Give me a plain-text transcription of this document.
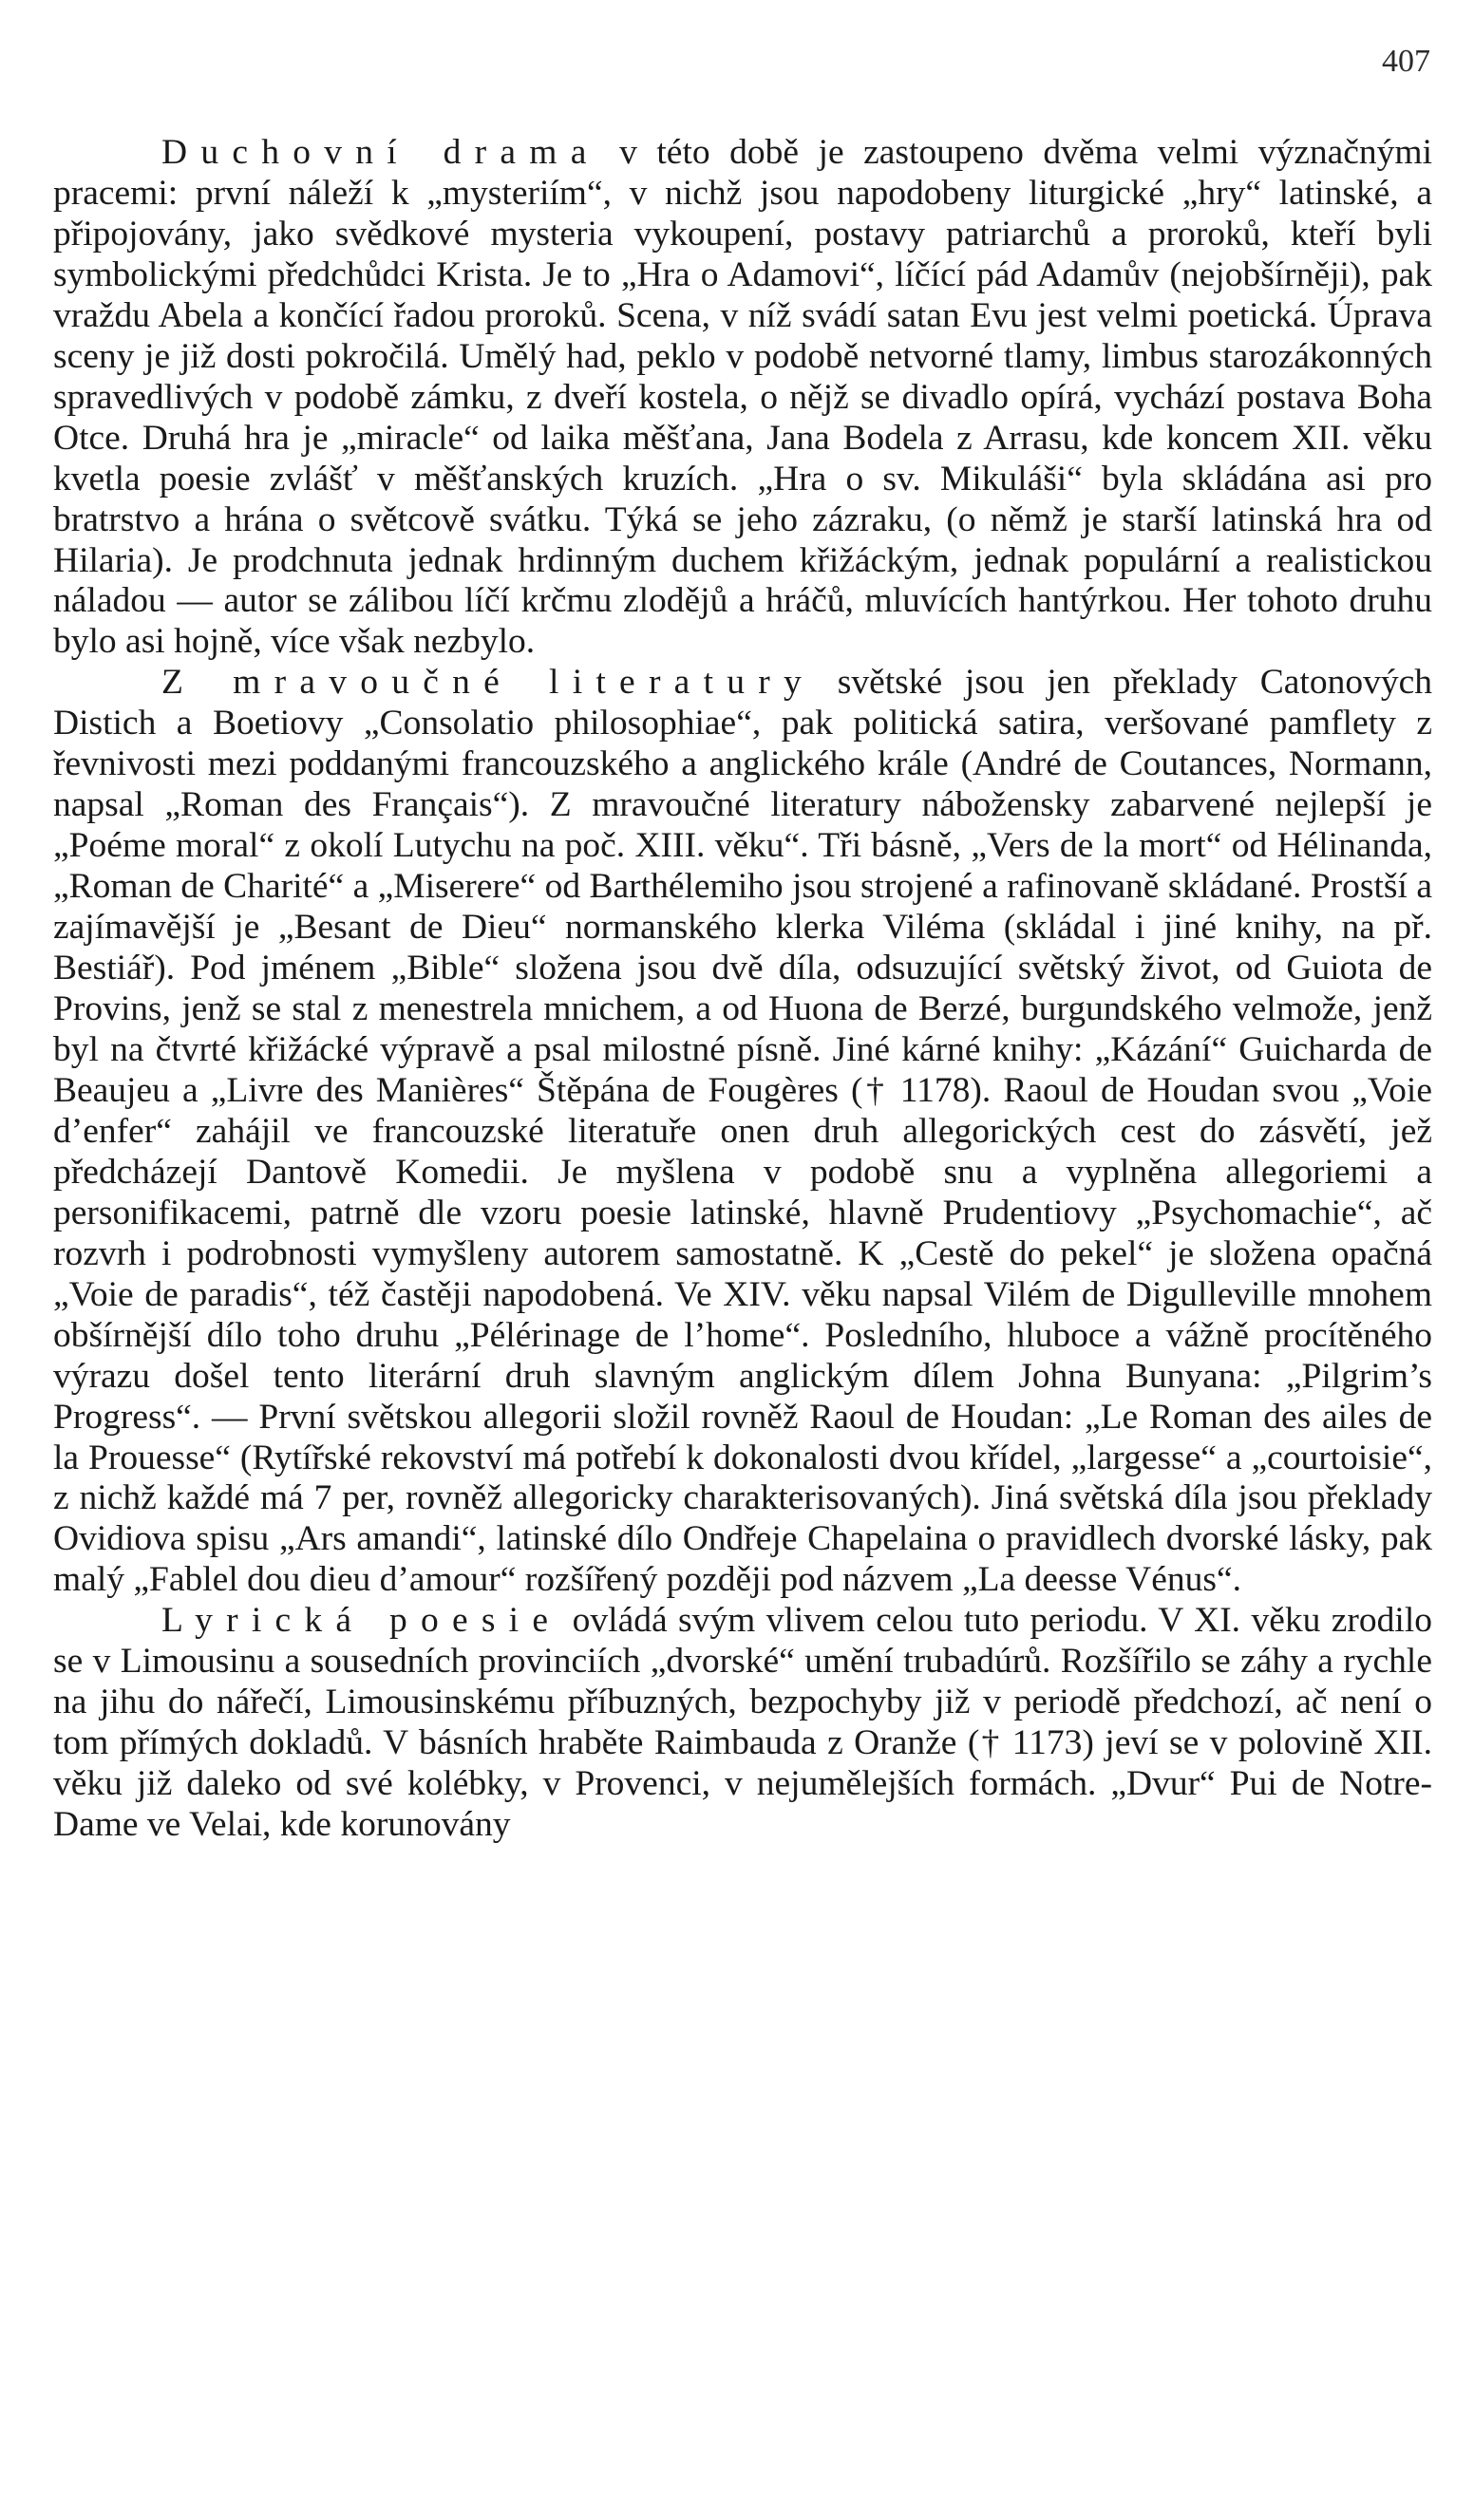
407

Duchovní drama v této době je zastoupeno dvěma velmi význačnými pracemi: první náleží k „mysteriím“, v nichž jsou napodobeny liturgické „hry“ latinské, a připojovány, jako svědkové mysteria vykoupení, postavy patriarchů a proroků, kteří byli symbolickými předchůdci Krista. Je to „Hra o Adamovi“, líčící pád Adamův (nejobšírněji), pak vraždu Abela a končící řadou proroků. Scena, v níž svádí satan Evu jest velmi poetická. Úprava sceny je již dosti pokročilá. Umělý had, peklo v podobě netvorné tlamy, limbus starozákonných spravedlivých v podobě zámku, z dveří kostela, o nějž se divadlo opírá, vychází postava Boha Otce. Druhá hra je „miracle“ od laika měšťana, Jana Bodela z Arrasu, kde koncem XII. věku kvetla poesie zvlášť v měšťanských kruzích. „Hra o sv. Mikuláši“ byla skládána asi pro bratrstvo a hrána o světcově svátku. Týká se jeho zázraku, (o němž je starší latinská hra od Hilaria). Je prodchnuta jednak hrdinným duchem křižáckým, jednak populární a realistickou náladou — autor se zálibou líčí krčmu zlodějů a hráčů, mluvících hantýrkou. Her tohoto druhu bylo asi hojně, více však nezbylo.

Z mravoučné literatury světské jsou jen překlady Catonových Distich a Boetiovy „Consolatio philosophiae“, pak politická satira, veršované pamflety z řevnivosti mezi poddanými francouzského a anglického krále (André de Coutances, Normann, napsal „Roman des Français“). Z mravoučné literatury nábožensky zabarvené nejlepší je „Poéme moral“ z okolí Lutychu na poč. XIII. věku“. Tři básně, „Vers de la mort“ od Hélinanda, „Roman de Charité“ a „Miserere“ od Barthélemiho jsou strojené a rafinovaně skládané. Prostší a zajímavější je „Besant de Dieu“ normanského klerka Viléma (skládal i jiné knihy, na př. Bestiář). Pod jménem „Bible“ složena jsou dvě díla, odsuzující světský život, od Guiota de Provins, jenž se stal z menestrela mnichem, a od Huona de Berzé, burgundského velmože, jenž byl na čtvrté křižácké výpravě a psal milostné písně. Jiné kárné knihy: „Kázání“ Guicharda de Beaujeu a „Livre des Manières“ Štěpána de Fougères († 1178). Raoul de Houdan svou „Voie d’enfer“ zahájil ve francouzské literatuře onen druh allegorických cest do zásvětí, jež předcházejí Dantově Komedii. Je myšlena v podobě snu a vyplněna allegoriemi a personifikacemi, patrně dle vzoru poesie latinské, hlavně Prudentiovy „Psychomachie“, ač rozvrh i podrobnosti vymyšleny autorem samostatně. K „Cestě do pekel“ je složena opačná „Voie de paradis“, též častěji napodobená. Ve XIV. věku napsal Vilém de Digulleville mnohem obšírnější dílo toho druhu „Pélérinage de l’home“. Posledního, hluboce a vážně procítěného výrazu došel tento literární druh slavným anglickým dílem Johna Bunyana: „Pilgrim’s Progress“. — První světskou allegorii složil rovněž Raoul de Houdan: „Le Roman des ailes de la Prouesse“ (Rytířské rekovství má potřebí k dokonalosti dvou křídel, „largesse“ a „courtoisie“, z nichž každé má 7 per, rovněž allegoricky charakterisovaných). Jiná světská díla jsou překlady Ovidiova spisu „Ars amandi“, latinské dílo Ondřeje Chapelaina o pravidlech dvorské lásky, pak malý „Fablel dou dieu d’amour“ rozšířený později pod názvem „La deesse Vénus“.

Lyrická poesie ovládá svým vlivem celou tuto periodu. V XI. věku zrodilo se v Limousinu a sousedních provinciích „dvorské“ umění trubadúrů. Rozšířilo se záhy a rychle na jihu do nářečí, Limousinskému příbuzných, bezpochyby již v periodě předchozí, ač není o tom přímých dokladů. V básních hraběte Raimbauda z Oranže († 1173) jeví se v polovině XII. věku již daleko od své kolébky, v Provenci, v nejumělejších formách. „Dvur“ Pui de Notre-Dame ve Velai, kde korunovány
